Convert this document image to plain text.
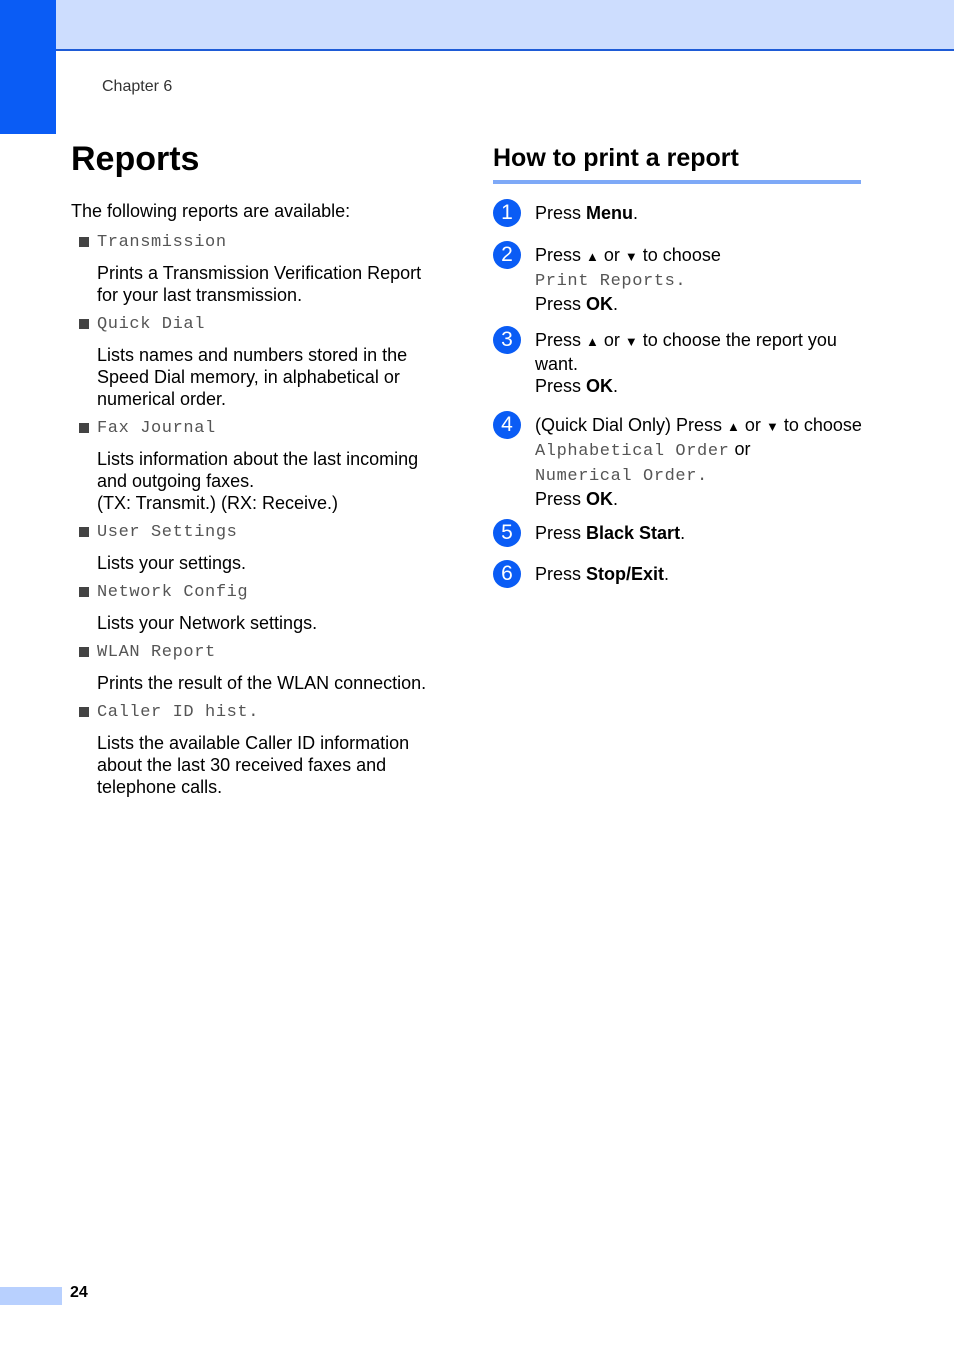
Chapter 6
Reports

The following reports are available:

Transmission
Prints a Transmission Verification Report
for your last transmission.
Quick Dial
Lists names and numbers stored in the
Speed Dial memory, in alphabetical or
numerical order.
Fax Journal
Lists information about the last incoming
and outgoing faxes.
(TX: Transmit.) (RX: Receive.)
User Settings
Lists your settings.
Network Config
Lists your Network settings.
WLAN Report
Prints the result of the WLAN connection.
Caller ID hist.
Lists the available Caller ID information
about the last 30 received faxes and
telephone calls.
How to print a report
1	Press Menu.
2	Press ▲ or ▼ to choose
Print Reports.
Press OK.
3	Press ▲ or ▼ to choose the report you want.
Press OK.
4	(Quick Dial Only) Press ▲ or ▼ to choose
Alphabetical Order or
Numerical Order.
Press OK.
5	Press Black Start.
6	Press Stop/Exit.
24
